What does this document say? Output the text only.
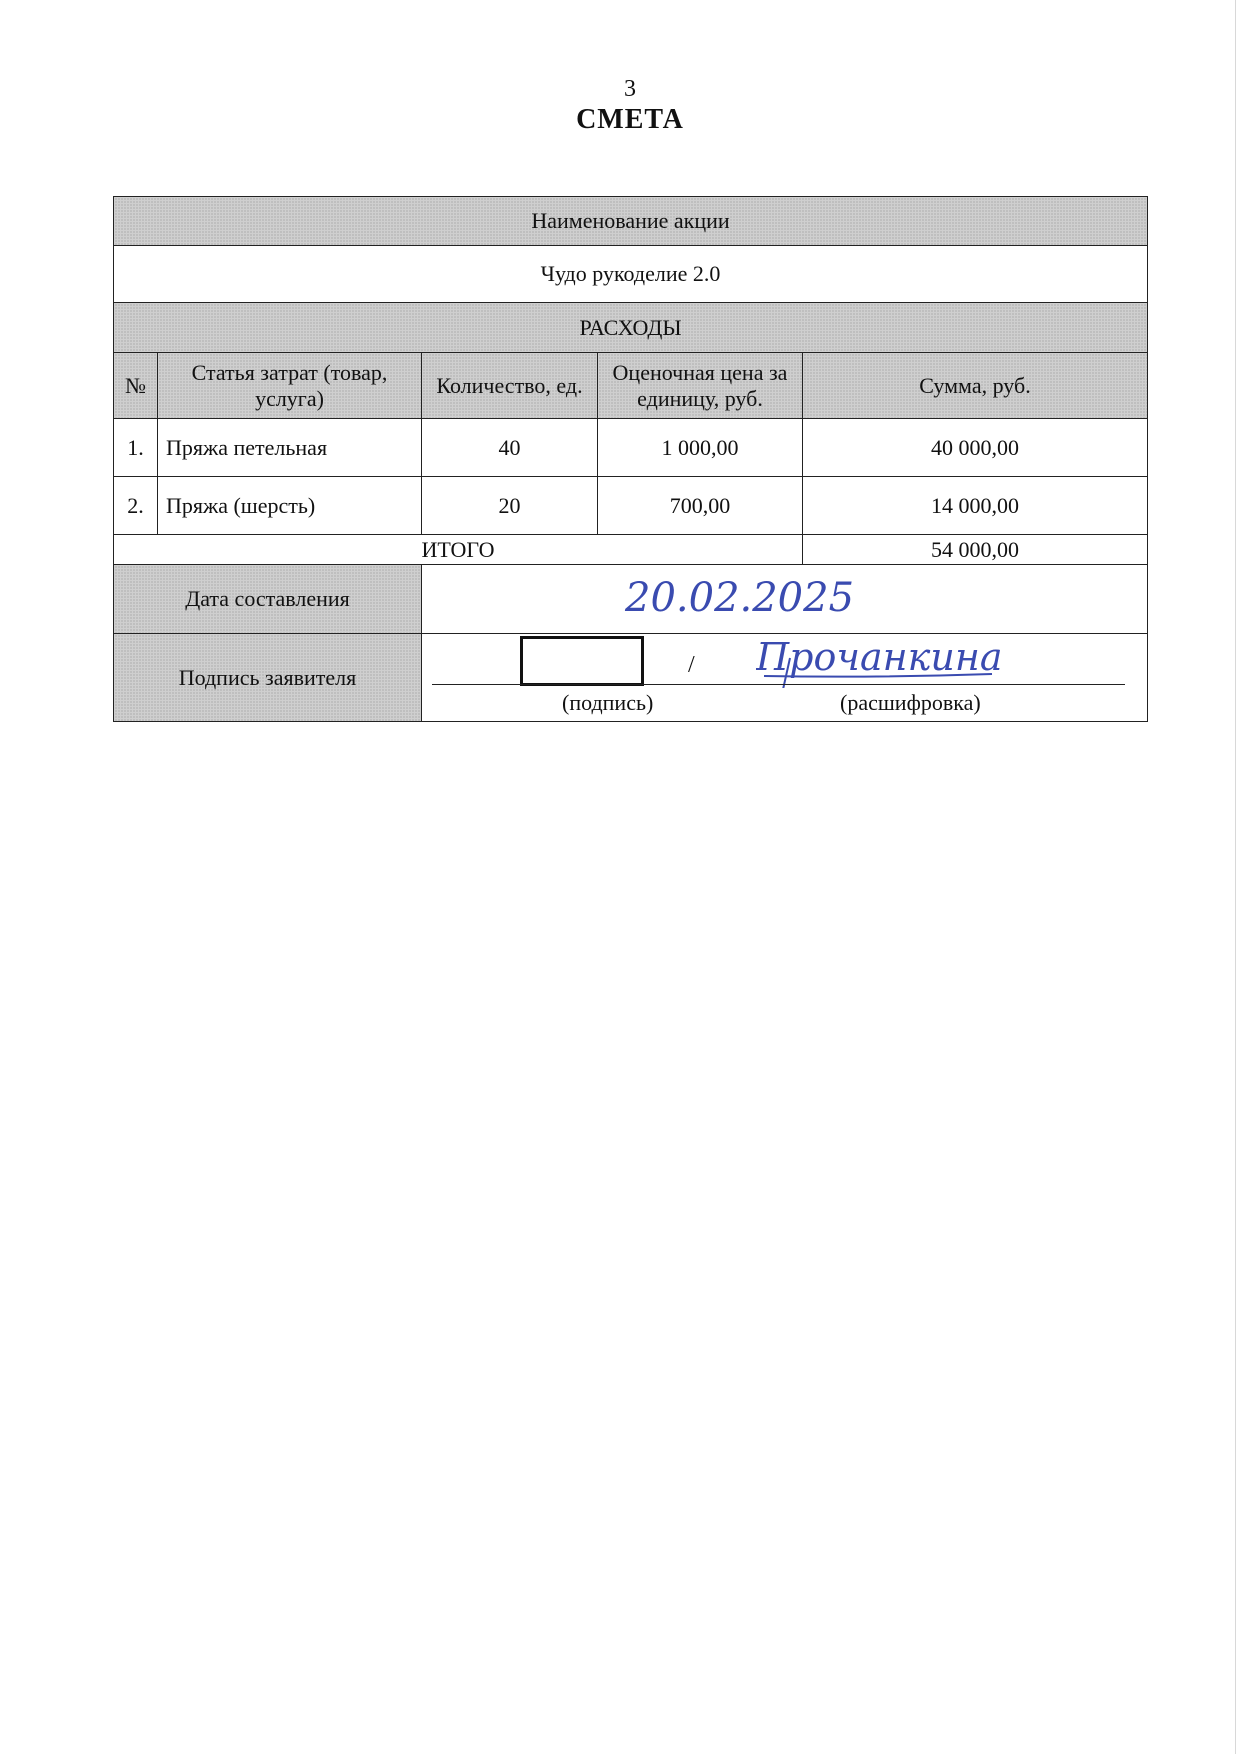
3
СМЕТА
Наименование акции				
Чудо рукоделие 2.0				
РАСХОДЫ				
№	Статья затрат (товар, услуга)	Количество, ед.	Оценочная цена за единицу, руб.	Сумма, руб.
1.	Пряжа петельная	40	1 000,00	40 000,00
2.	Пряжа (шерсть)	20	700,00	14 000,00
ИТОГО				54 000,00
Дата составления		20.02.2025		

Подпись заявителя		/ Прочанкина
(подпись) (расшифровка)		
